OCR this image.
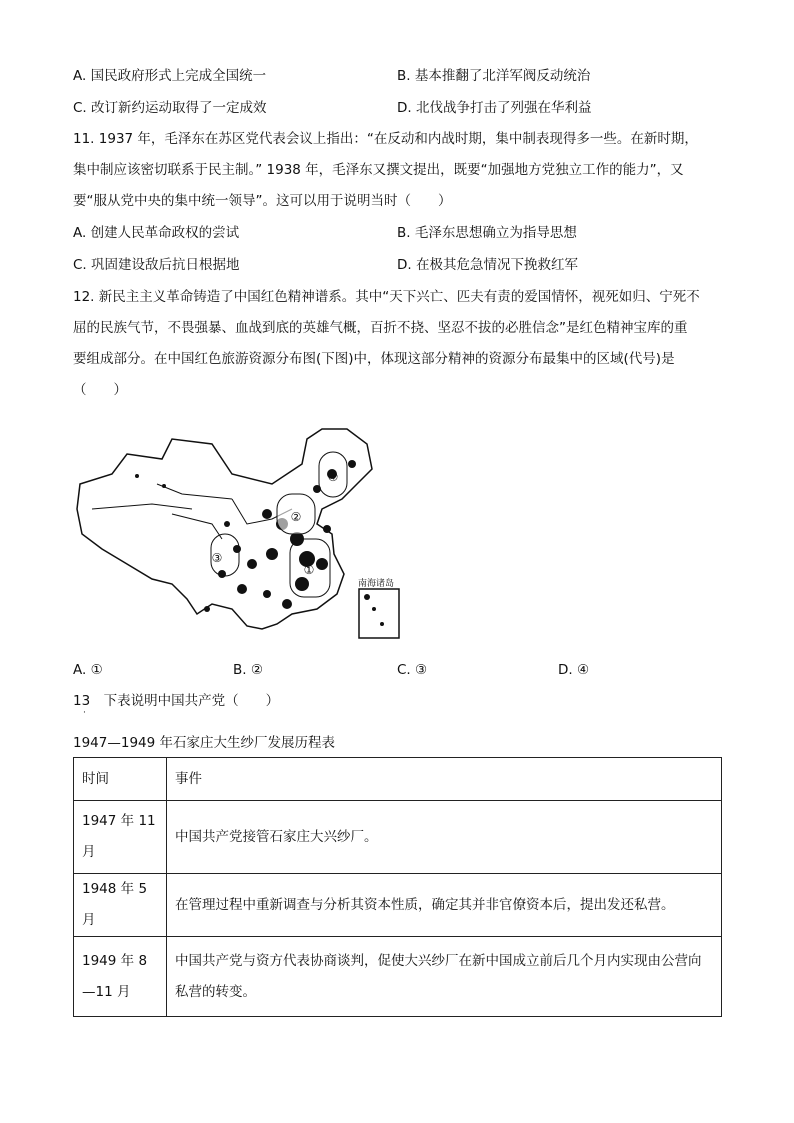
A. 国民政府形式上完成全国统一	B. 基本推翻了北洋军阀反动统治
C. 改订新约运动取得了一定成效	D. 北伐战争打击了列强在华利益
11. 1937 年，毛泽东在苏区党代表会议上指出：“在反动和内战时期，集中制表现得多一些。在新时期，
集中制应该密切联系于民主制。” 1938 年，毛泽东又撰文提出，既要“加强地方党独立工作的能力”，又
要“服从党中央的集中统一领导”。这可以用于说明当时（　　）
A. 创建人民革命政权的尝试	B. 毛泽东思想确立为指导思想
C. 巩固建设敌后抗日根据地	D. 在极其危急情况下挽救红军
12. 新民主主义革命铸造了中国红色精神谱系。其中“天下兴亡、匹夫有责的爱国情怀，视死如归、宁死不
屈的民族气节，不畏强暴、血战到底的英雄气概，百折不挠、坚忍不拔的必胜信念”是红色精神宝库的重
要组成部分。在中国红色旅游资源分布图(下图)中，体现这部分精神的资源分布最集中的区域(代号)是
（　　）
④
②
③
①
南海诸岛
A. ①	B. ②	C. ③	D. ④
13　下表说明中国共产党（　　）
·
1947—1949 年石家庄大生纱厂发展历程表
时间	事件
1947 年 11 月	中国共产党接管石家庄大兴纱厂。
1948 年 5 月	在管理过程中重新调查与分析其资本性质，确定其并非官僚资本后，提出发还私营。
1949 年 8—11 月	中国共产党与资方代表协商谈判，促使大兴纱厂在新中国成立前后几个月内实现由公营向私营的转变。
